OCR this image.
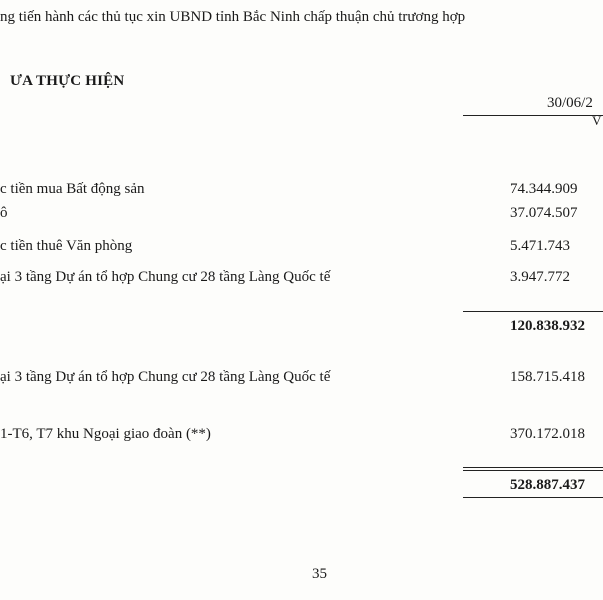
ng tiến hành các thủ tục xin UBND tỉnh Bắc Ninh chấp thuận chủ trương hợp
ƯA THỰC HIỆN
30/06/2
V
c tiền mua Bất động sản	74.344.909
ô	37.074.507
c tiền thuê Văn phòng	5.471.743
ại 3 tầng Dự án tổ hợp Chung cư 28 tầng Làng Quốc tế	3.947.772
120.838.932
ại 3 tầng Dự án tổ hợp Chung cư 28 tầng Làng Quốc tế	158.715.418
1-T6, T7 khu Ngoại giao đoàn (**)	370.172.018
528.887.437
35
